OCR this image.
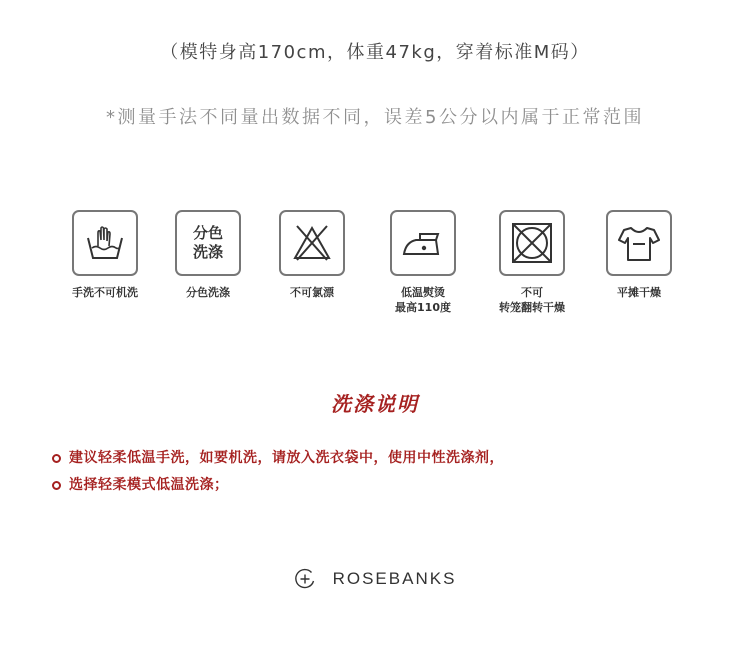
（模特身高170cm，体重47kg，穿着标准M码）
*测量手法不同量出数据不同，误差5公分以内属于正常范围
手洗不可机洗
分色
洗涤
分色洗涤	不可氯漂	低温熨烫
最高110度
不可
转笼翻转干燥
平摊干燥
洗涤说明
建议轻柔低温手洗，如要机洗，请放入洗衣袋中，使用中性洗涤剂，
选择轻柔模式低温洗涤；
ROSEBANKS
